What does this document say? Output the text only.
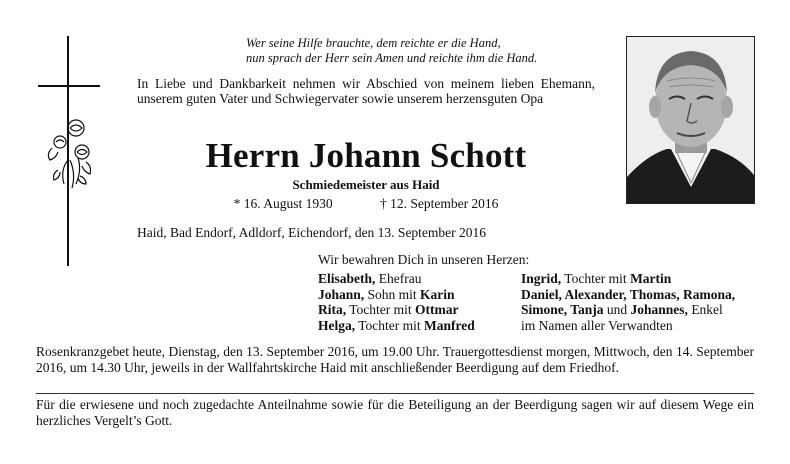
Wer seine Hilfe brauchte, dem reichte er die Hand,
nun sprach der Herr sein Amen und reichte ihm die Hand.
In Liebe und Dankbarkeit nehmen wir Abschied von meinem lieben Ehemann, unserem guten Vater und Schwiegervater sowie unserem herzensguten Opa
Herrn Johann Schott
Schmiedemeister aus Haid
* 16. August 1930	† 12. September 2016
Haid, Bad Endorf, Adldorf, Eichendorf, den 13. September 2016
Wir bewahren Dich in unseren Herzen:
Elisabeth, Ehefrau
Johann, Sohn mit Karin
Rita, Tochter mit Ottmar
Helga, Tochter mit Manfred
Ingrid, Tochter mit Martin
Daniel, Alexander, Thomas, Ramona,
Simone, Tanja und Johannes, Enkel
im Namen aller Verwandten
Rosenkranzgebet heute, Dienstag, den 13. September 2016, um 19.00 Uhr. Trauergottesdienst morgen, Mittwoch, den 14. September 2016, um 14.30 Uhr, jeweils in der Wallfahrtskirche Haid mit anschließender Beerdigung auf dem Friedhof.
Für die erwiesene und noch zugedachte Anteilnahme sowie für die Beteiligung an der Beerdigung sagen wir auf diesem Wege ein herzliches Vergelt’s Gott.
